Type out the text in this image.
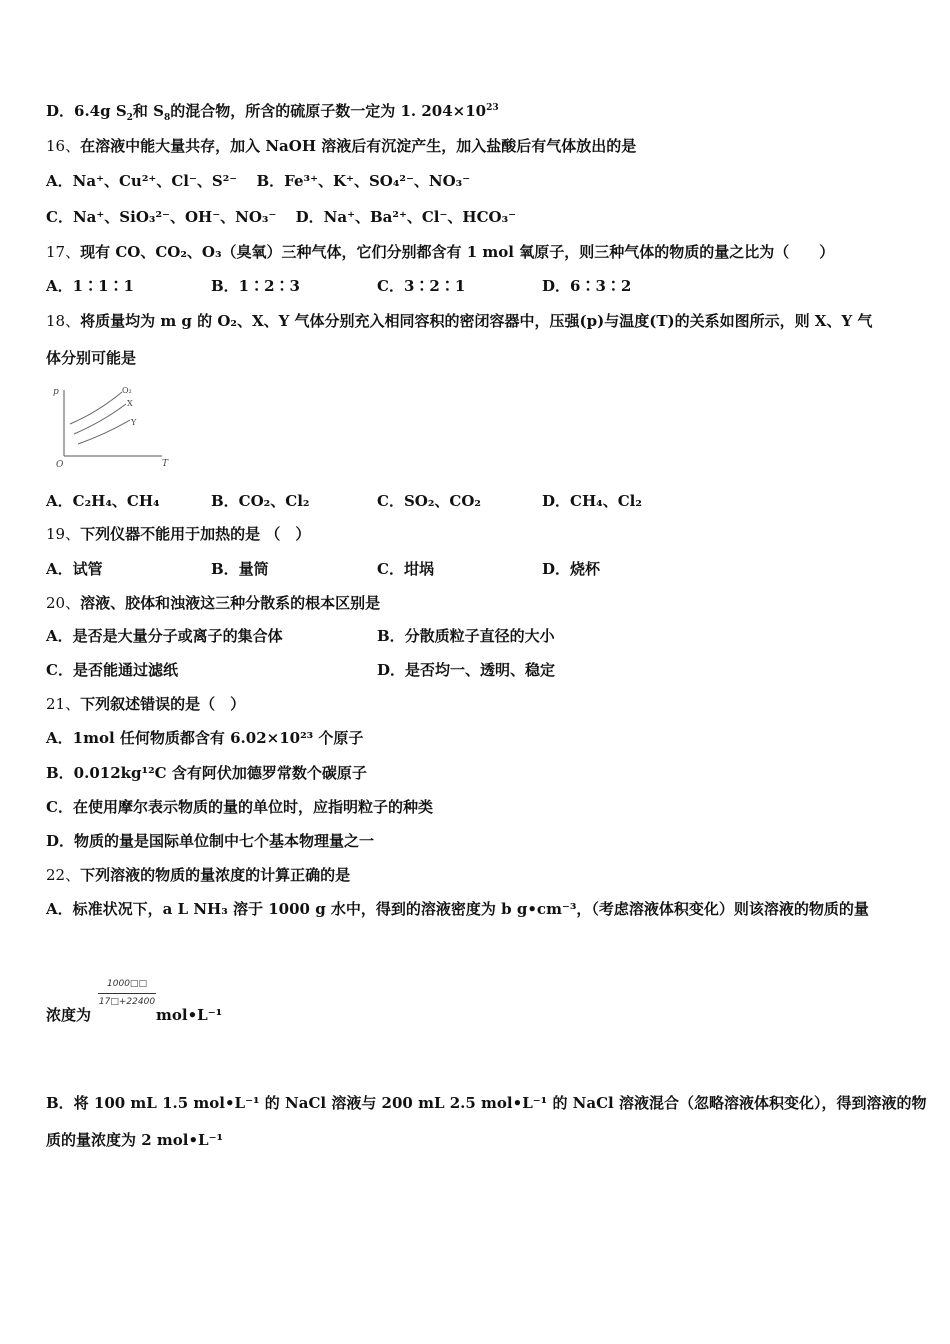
D．6.4g $S_2$和 $S_8$的混合物，所含的硫原子数一定为 1. $204\times 10^{23}$
16、在溶液中能大量共存，加入 NaOH 溶液后有沉淀产生，加入盐酸后有气体放出的是
A．Na⁺、Cu²⁺、Cl⁻、S²⁻ B．Fe³⁺、K⁺、SO₄²⁻、NO₃⁻
C．Na⁺、SiO₃²⁻、OH⁻、NO₃⁻ D．Na⁺、Ba²⁺、Cl⁻、HCO₃⁻
17、现有 CO、CO₂、O₃（臭氧）三种气体，它们分别都含有 1 mol 氧原子，则三种气体的物质的量之比为（　　）
A．1∶1∶1	B．1∶2∶3	C．3∶2∶1	D．6∶3∶2
18、将质量均为 m g 的 O₂、X、Y 气体分别充入相同容积的密闭容器中，压强(p)与温度(T)的关系如图所示，则 X、Y 气
体分别可能是
p
T
O
O₂
X
Y
A．C₂H₄、CH₄	B．CO₂、Cl₂	C．SO₂、CO₂	D．CH₄、Cl₂
19、下列仪器不能用于加热的是 （　）
A．试管	B．量筒	C．坩埚	D．烧杯
20、溶液、胶体和浊液这三种分散系的根本区别是
A．是否是大量分子或离子的集合体	B．分散质粒子直径的大小
C．是否能通过滤纸	D．是否均一、透明、稳定
21、下列叙述错误的是（　）
A．1mol 任何物质都含有 6.02×10²³ 个原子
B．0.012kg¹²C 含有阿伏加德罗常数个碳原子
C．在使用摩尔表示物质的量的单位时，应指明粒子的种类
D．物质的量是国际单位制中七个基本物理量之一
22、下列溶液的物质的量浓度的计算正确的是
A．标准状况下，a L NH₃ 溶于 1000 g 水中，得到的溶液密度为 b g•cm⁻³，（考虑溶液体积变化）则该溶液的物质的量
浓度为
1000□□
17□+22400
mol•L⁻¹
B．将 100 mL 1.5 mol•L⁻¹ 的 NaCl 溶液与 200 mL 2.5 mol•L⁻¹ 的 NaCl 溶液混合（忽略溶液体积变化），得到溶液的物
质的量浓度为 2 mol•L⁻¹
